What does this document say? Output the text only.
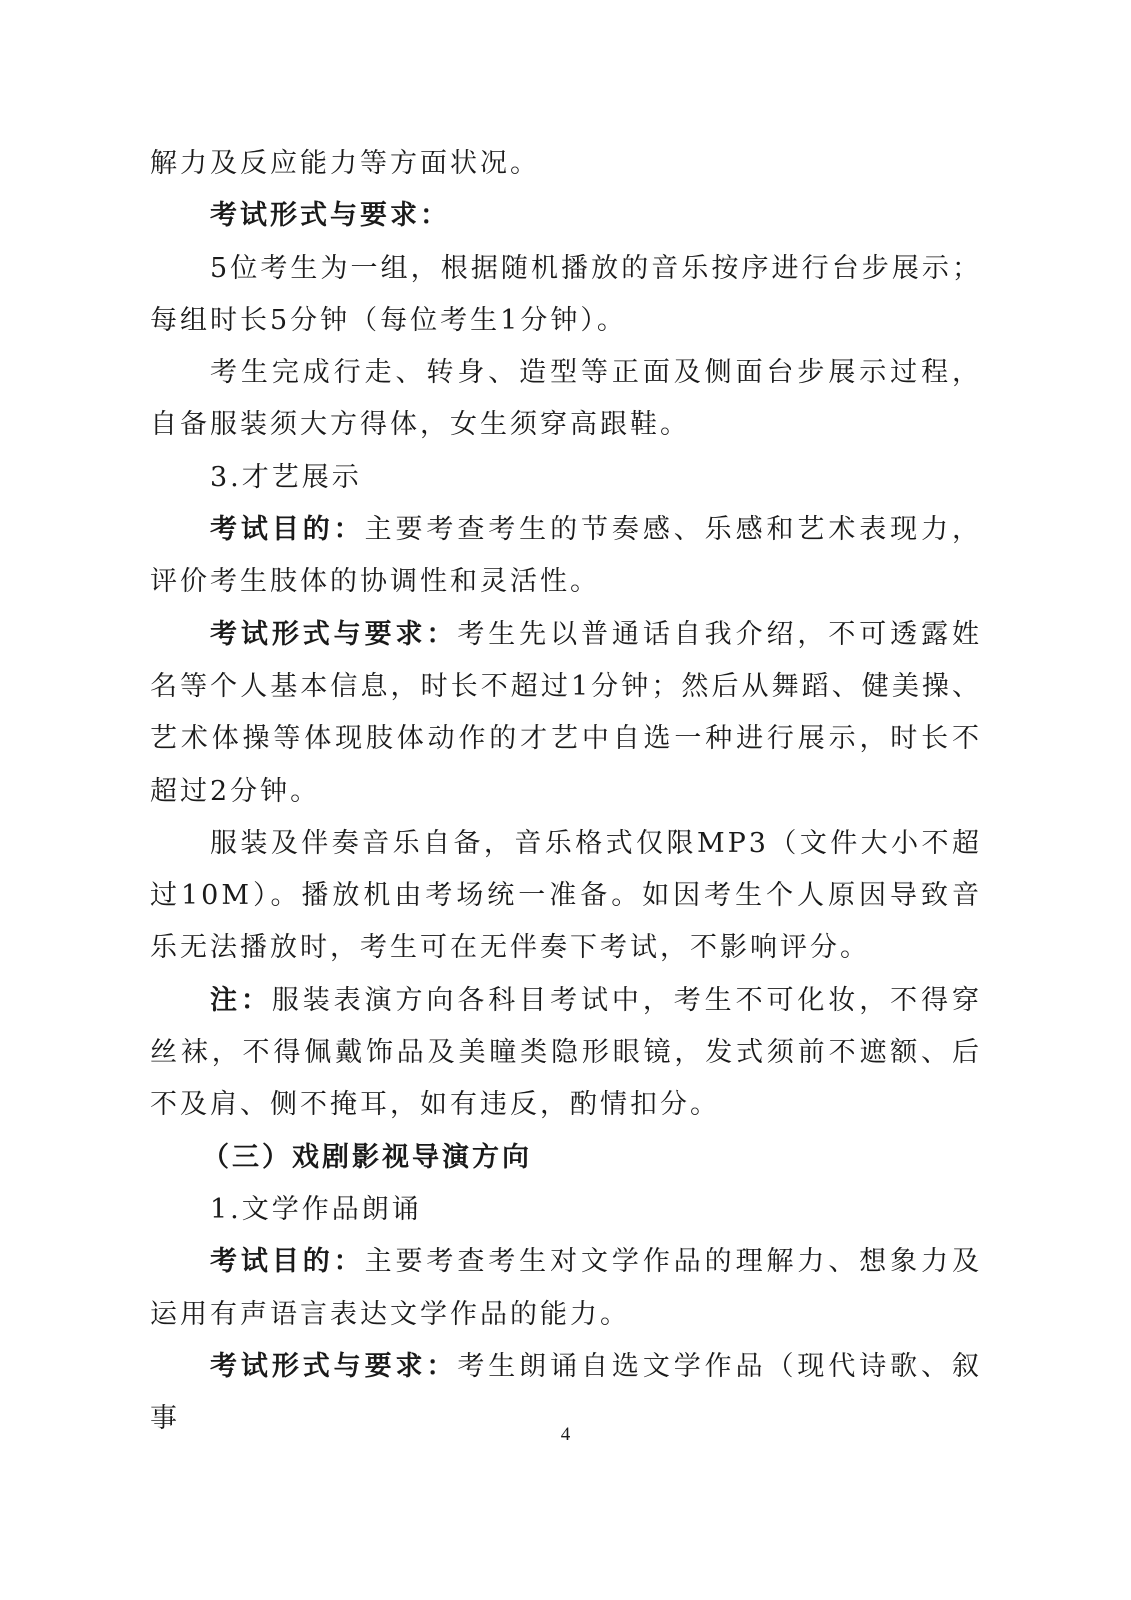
解力及反应能力等方面状况。

考试形式与要求：

5位考生为一组，根据随机播放的音乐按序进行台步展示；每组时长5分钟（每位考生1分钟）。

考生完成行走、转身、造型等正面及侧面台步展示过程，自备服装须大方得体，女生须穿高跟鞋。

3.才艺展示

考试目的：主要考查考生的节奏感、乐感和艺术表现力，评价考生肢体的协调性和灵活性。

考试形式与要求：考生先以普通话自我介绍，不可透露姓名等个人基本信息，时长不超过1分钟；然后从舞蹈、健美操、艺术体操等体现肢体动作的才艺中自选一种进行展示，时长不超过2分钟。

服装及伴奏音乐自备，音乐格式仅限MP3（文件大小不超过10M）。播放机由考场统一准备。如因考生个人原因导致音乐无法播放时，考生可在无伴奏下考试，不影响评分。

注：服装表演方向各科目考试中，考生不可化妆，不得穿丝袜，不得佩戴饰品及美瞳类隐形眼镜，发式须前不遮额、后不及肩、侧不掩耳，如有违反，酌情扣分。

（三）戏剧影视导演方向

1.文学作品朗诵

考试目的：主要考查考生对文学作品的理解力、想象力及运用有声语言表达文学作品的能力。

考试形式与要求：考生朗诵自选文学作品（现代诗歌、叙事

4
